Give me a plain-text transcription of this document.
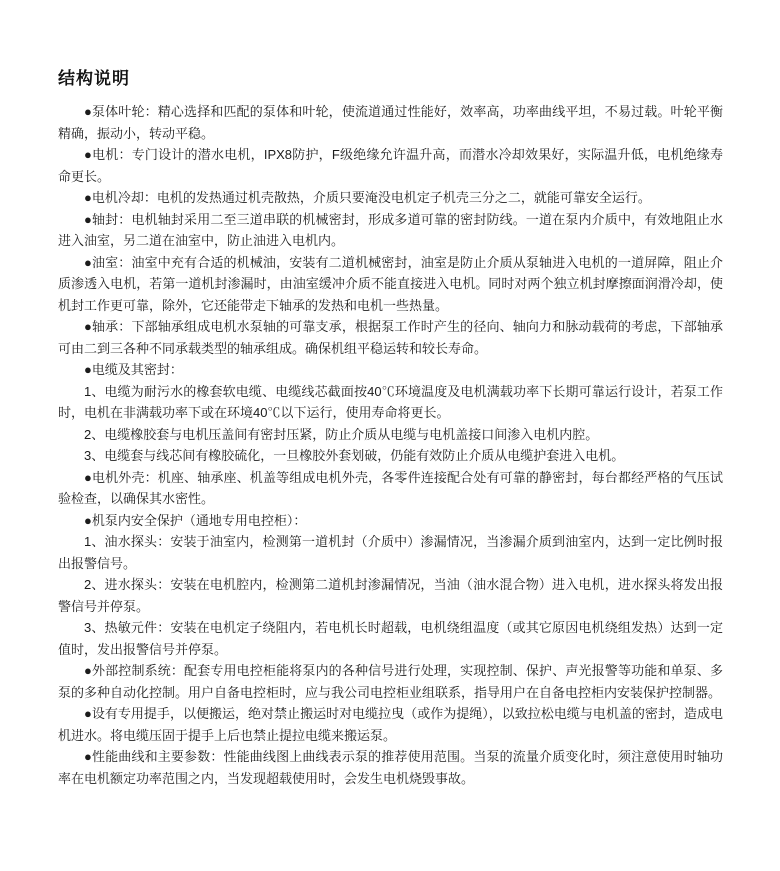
结构说明

●泵体叶轮：精心选择和匹配的泵体和叶轮，使流道通过性能好，效率高，功率曲线平坦，不易过载。叶轮平衡精确，振动小，转动平稳。

●电机：专门设计的潜水电机，IPX8防护，F级绝缘允许温升高，而潜水冷却效果好，实际温升低，电机绝缘寿命更长。

●电机冷却：电机的发热通过机壳散热，介质只要淹没电机定子机壳三分之二，就能可靠安全运行。

●轴封：电机轴封采用二至三道串联的机械密封，形成多道可靠的密封防线。一道在泵内介质中，有效地阻止水进入油室，另二道在油室中，防止油进入电机内。

●油室：油室中充有合适的机械油，安装有二道机械密封，油室是防止介质从泵轴进入电机的一道屏障，阻止介质渗透入电机，若第一道机封渗漏时，由油室缓冲介质不能直接进入电机。同时对两个独立机封摩擦面润滑冷却，使机封工作更可靠，除外，它还能带走下轴承的发热和电机一些热量。

●轴承：下部轴承组成电机水泵轴的可靠支承，根据泵工作时产生的径向、轴向力和脉动载荷的考虑，下部轴承可由二到三各种不同承载类型的轴承组成。确保机组平稳运转和较长寿命。

●电缆及其密封：

1、电缆为耐污水的橡套软电缆、电缆线芯截面按40℃环境温度及电机满载功率下长期可靠运行设计，若泵工作时，电机在非满载功率下或在环境40℃以下运行，使用寿命将更长。

2、电缆橡胶套与电机压盖间有密封压紧，防止介质从电缆与电机盖接口间渗入电机内腔。

3、电缆套与线芯间有橡胶硫化，一旦橡胶外套划破，仍能有效防止介质从电缆护套进入电机。

●电机外壳：机座、轴承座、机盖等组成电机外壳，各零件连接配合处有可靠的静密封，每台都经严格的气压试验检查，以确保其水密性。

●机泵内安全保护（通地专用电控柜）：

1、油水探头：安装于油室内，检测第一道机封（介质中）渗漏情况，当渗漏介质到油室内，达到一定比例时报出报警信号。

2、进水探头：安装在电机腔内，检测第二道机封渗漏情况，当油（油水混合物）进入电机，进水探头将发出报警信号并停泵。

3、热敏元件：安装在电机定子绕阻内，若电机长时超载，电机绕组温度（或其它原因电机绕组发热）达到一定值时，发出报警信号并停泵。

●外部控制系统：配套专用电控柜能将泵内的各种信号进行处理，实现控制、保护、声光报警等功能和单泵、多泵的多种自动化控制。用户自备电控柜时，应与我公司电控柜业组联系，指导用户在自备电控柜内安装保护控制器。

●设有专用提手，以便搬运，绝对禁止搬运时对电缆拉曳（或作为提绳），以致拉松电缆与电机盖的密封，造成电机进水。将电缆压固于提手上后也禁止提拉电缆来搬运泵。

●性能曲线和主要参数：性能曲线图上曲线表示泵的推荐使用范围。当泵的流量介质变化时，须注意使用时轴功率在电机额定功率范围之内，当发现超载使用时，会发生电机烧毁事故。
